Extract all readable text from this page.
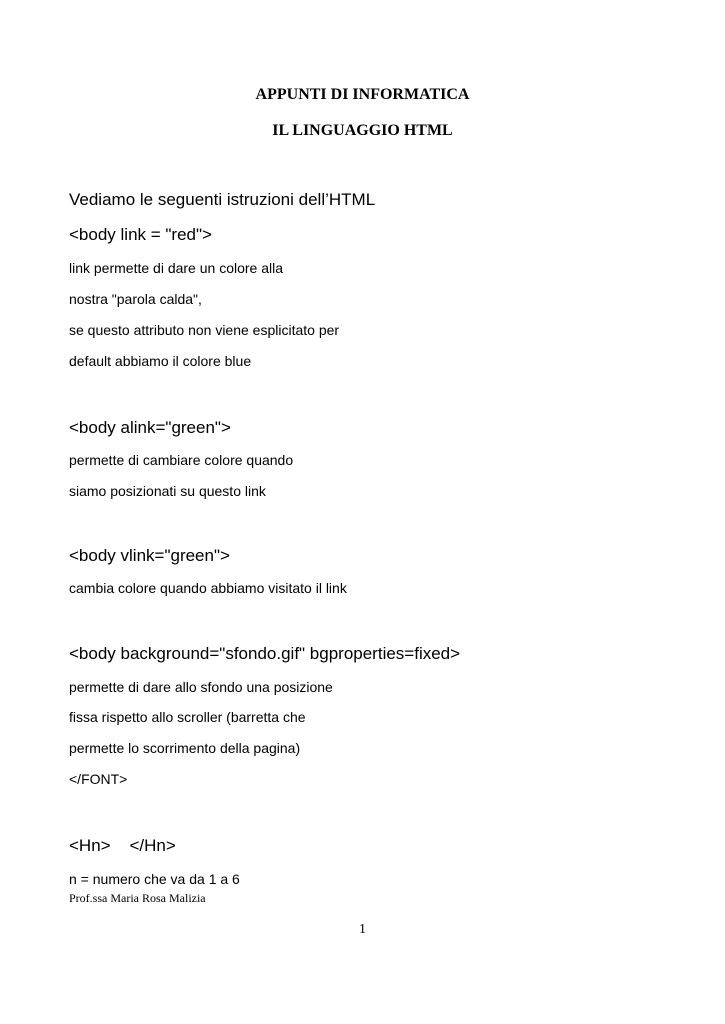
APPUNTI DI INFORMATICA
IL LINGUAGGIO HTML
Vediamo le seguenti istruzioni dell’HTML
<body link = "red">
link permette di dare un colore alla
nostra "parola calda",
se questo attributo non viene esplicitato per
default abbiamo il colore blue
<body alink="green">
permette di cambiare colore quando
siamo posizionati su questo link
<body vlink="green">
cambia colore quando abbiamo visitato il link
<body background="sfondo.gif" bgproperties=fixed>
permette di dare allo sfondo una posizione
fissa rispetto allo scroller (barretta che
permette lo scorrimento della pagina)
</FONT>
<Hn>    </Hn>
n = numero che va da 1 a 6
Prof.ssa Maria Rosa Malizia
1
